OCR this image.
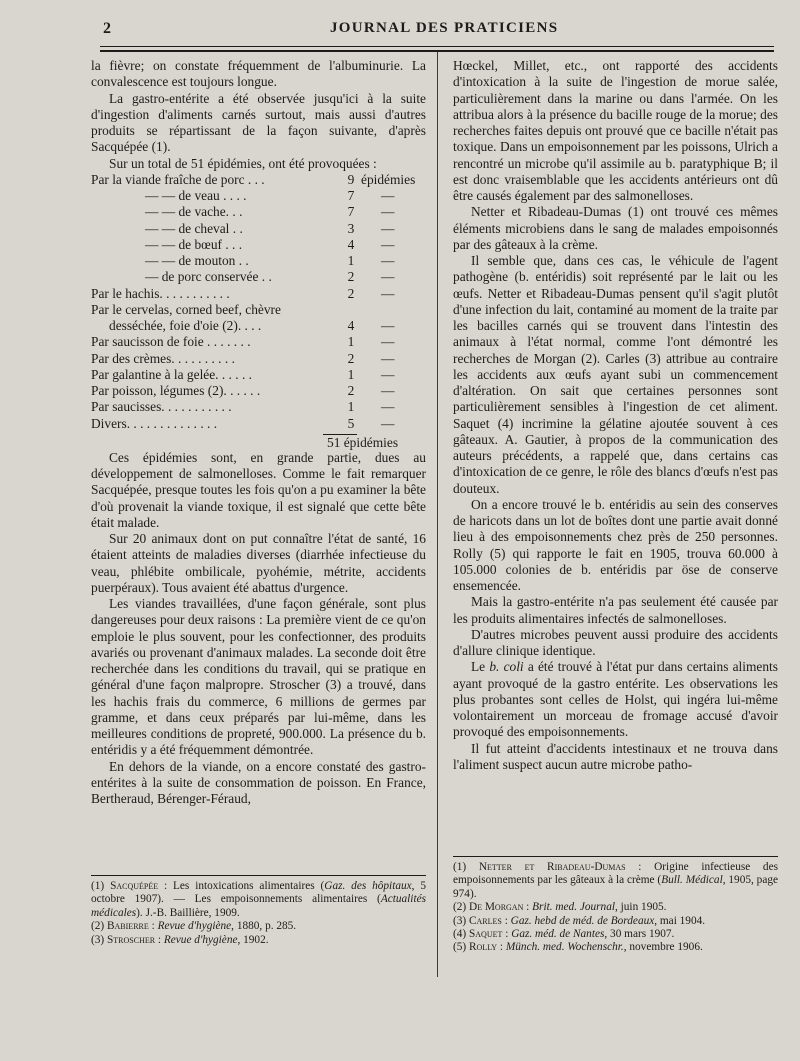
2	JOURNAL DES PRATICIENS

la fièvre; on constate fréquemment de l'albuminurie. La convalescence est toujours longue.

La gastro-entérite a été observée jusqu'ici à la suite d'ingestion d'aliments carnés surtout, mais aussi d'autres produits se répartissant de la façon suivante, d'après Sacquépée (1).

Sur un total de 51 épidémies, ont été provoquées :

Par la viande fraîche de porc . . .	9 épidémies
— — de veau . . . .	7 —
— — de vache. . .	7 —
— — de cheval . .	3 —
— — de bœuf . . .	4 —
— — de mouton . .	1 —
— de porc conservée . .	2 —
Par le hachis. . . . . . . . . . .	2 —
Par le cervelas, corned beef, chèvre
desséchée, foie d'oie (2). . . .	4 —
Par saucisson de foie . . . . . . .	1 —
Par des crèmes. . . . . . . . . .	2 —
Par galantine à la gelée. . . . . .	1 —
Par poisson, légumes (2). . . . . .	2 —
Par saucisses. . . . . . . . . . .	1 —
Divers. . . . . . . . . . . . . .	5 —
51 épidémies

Ces épidémies sont, en grande partie, dues au développement de salmonelloses. Comme le fait remarquer Sacquépée, presque toutes les fois qu'on a pu examiner la bête d'où provenait la viande toxique, il est signalé que cette bête était malade.

Sur 20 animaux dont on put connaître l'état de santé, 16 étaient atteints de maladies diverses (diarrhée infectieuse du veau, phlébite ombilicale, pyohémie, métrite, accidents puerpéraux). Tous avaient été abattus d'urgence.

Les viandes travaillées, d'une façon générale, sont plus dangereuses pour deux raisons : La première vient de ce qu'on emploie le plus souvent, pour les confectionner, des produits avariés ou provenant d'animaux malades. La seconde doit être recherchée dans les conditions du travail, qui se pratique en général d'une façon malpropre. Stroscher (3) a trouvé, dans les hachis frais du commerce, 6 millions de germes par gramme, et dans ceux préparés par lui-même, dans les meilleures conditions de propreté, 900.000. La présence du b. entéridis y a été fréquemment démontrée.

En dehors de la viande, on a encore constaté des gastro-entérites à la suite de consommation de poisson. En France, Bertheraud, Bérenger-Féraud,

(1) Sacquépée : Les intoxications alimentaires (Gaz. des hôpitaux, 5 octobre 1907). — Les empoisonnements alimentaires (Actualités médicales). J.-B. Baillière, 1909.

(2) Babierre : Revue d'hygiène, 1880, p. 285.

(3) Stroscher : Revue d'hygiène, 1902.

Hœckel, Millet, etc., ont rapporté des accidents d'intoxication à la suite de l'ingestion de morue salée, particulièrement dans la marine ou dans l'armée. On les attribua alors à la présence du bacille rouge de la morue; des recherches faites depuis ont prouvé que ce bacille n'était pas toxique. Dans un empoisonnement par les poissons, Ulrich a rencontré un microbe qu'il assimile au b. paratyphique B; il est donc vraisemblable que les accidents antérieurs ont dû être causés également par des salmonelloses.

Netter et Ribadeau-Dumas (1) ont trouvé ces mêmes éléments microbiens dans le sang de malades empoisonnés par des gâteaux à la crème.

Il semble que, dans ces cas, le véhicule de l'agent pathogène (b. entéridis) soit représenté par le lait ou les œufs. Netter et Ribadeau-Dumas pensent qu'il s'agit plutôt d'une infection du lait, contaminé au moment de la traite par les bacilles carnés qui se trouvent dans l'intestin des animaux à l'état normal, comme l'ont démontré les recherches de Morgan (2). Carles (3) attribue au contraire les accidents aux œufs ayant subi un commencement d'altération. On sait que certaines personnes sont particulièrement sensibles à l'ingestion de cet aliment. Saquet (4) incrimine la gélatine ajoutée souvent à ces gâteaux. A. Gautier, à propos de la communication des auteurs précédents, a rappelé que, dans certains cas d'intoxication de ce genre, le rôle des blancs d'œufs n'est pas douteux.

On a encore trouvé le b. entéridis au sein des conserves de haricots dans un lot de boîtes dont une partie avait donné lieu à des empoisonnements chez près de 250 personnes. Rolly (5) qui rapporte le fait en 1905, trouva 60.000 à 105.000 colonies de b. entéridis par öse de conserve ensemencée.

Mais la gastro-entérite n'a pas seulement été causée par les produits alimentaires infectés de salmonelloses.

D'autres microbes peuvent aussi produire des accidents d'allure clinique identique.

Le b. coli a été trouvé à l'état pur dans certains aliments ayant provoqué de la gastro entérite. Les observations les plus probantes sont celles de Holst, qui ingéra lui-même volontairement un morceau de fromage accusé d'avoir provoqué des empoisonnements.

Il fut atteint d'accidents intestinaux et ne trouva dans l'aliment suspect aucun autre microbe patho-

(1) Netter et Ribadeau-Dumas : Origine infectieuse des empoisonnements par les gâteaux à la crème (Bull. Médical, 1905, page 974).

(2) De Morgan : Brit. med. Journal, juin 1905.

(3) Carles : Gaz. hebd de méd. de Bordeaux, mai 1904.

(4) Saquet : Gaz. méd. de Nantes, 30 mars 1907.

(5) Rolly : Münch. med. Wochenschr., novembre 1906.
